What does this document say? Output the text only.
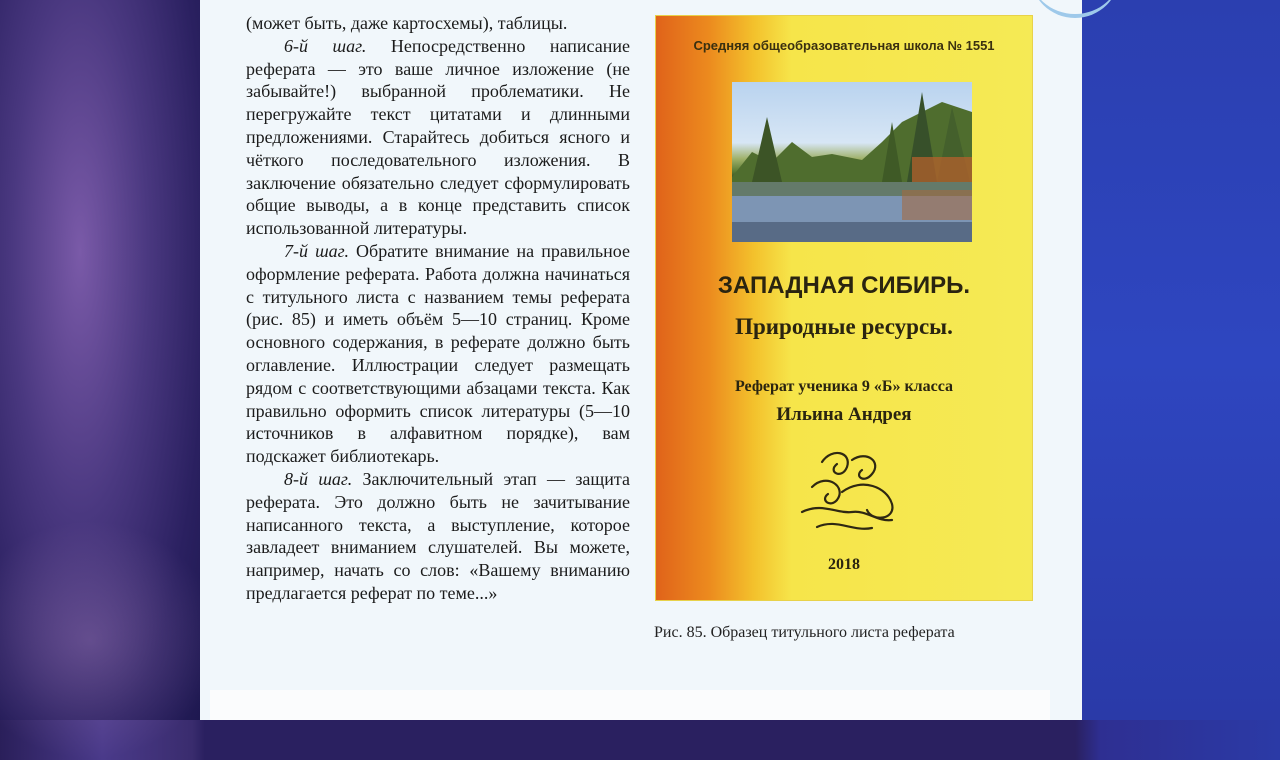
(может быть, даже картосхемы), таблицы.

6-й шаг. Непосредственно написание реферата — это ваше личное изложение (не забывайте!) выбранной проблематики. Не перегружайте текст цитатами и длинными предложениями. Старайтесь добиться ясного и чёткого последовательного изложения. В заключение обязательно следует сформулировать общие выводы, а в конце представить список использованной литературы.

7-й шаг. Обратите внимание на правильное оформление реферата. Работа должна начинаться с титульного листа с названием темы реферата (рис. 85) и иметь объём 5—10 страниц. Кроме основного содержания, в реферате должно быть оглавление. Иллюстрации следует размещать рядом с соответствующими абзацами текста. Как правильно оформить список литературы (5—10 источников в алфавитном порядке), вам подскажет библиотекарь.

8-й шаг. Заключительный этап — защита реферата. Это должно быть не зачитывание написанного текста, а выступление, которое завладеет вниманием слушателей. Вы можете, например, начать со слов: «Вашему вниманию предлагается реферат по теме...»

Средняя общеобразовательная школа № 1551
ЗАПАДНАЯ СИБИРЬ.
Природные ресурсы.
Реферат ученика 9 «Б» класса
Ильина Андрея
2018
Рис. 85. Образец титульного листа реферата
